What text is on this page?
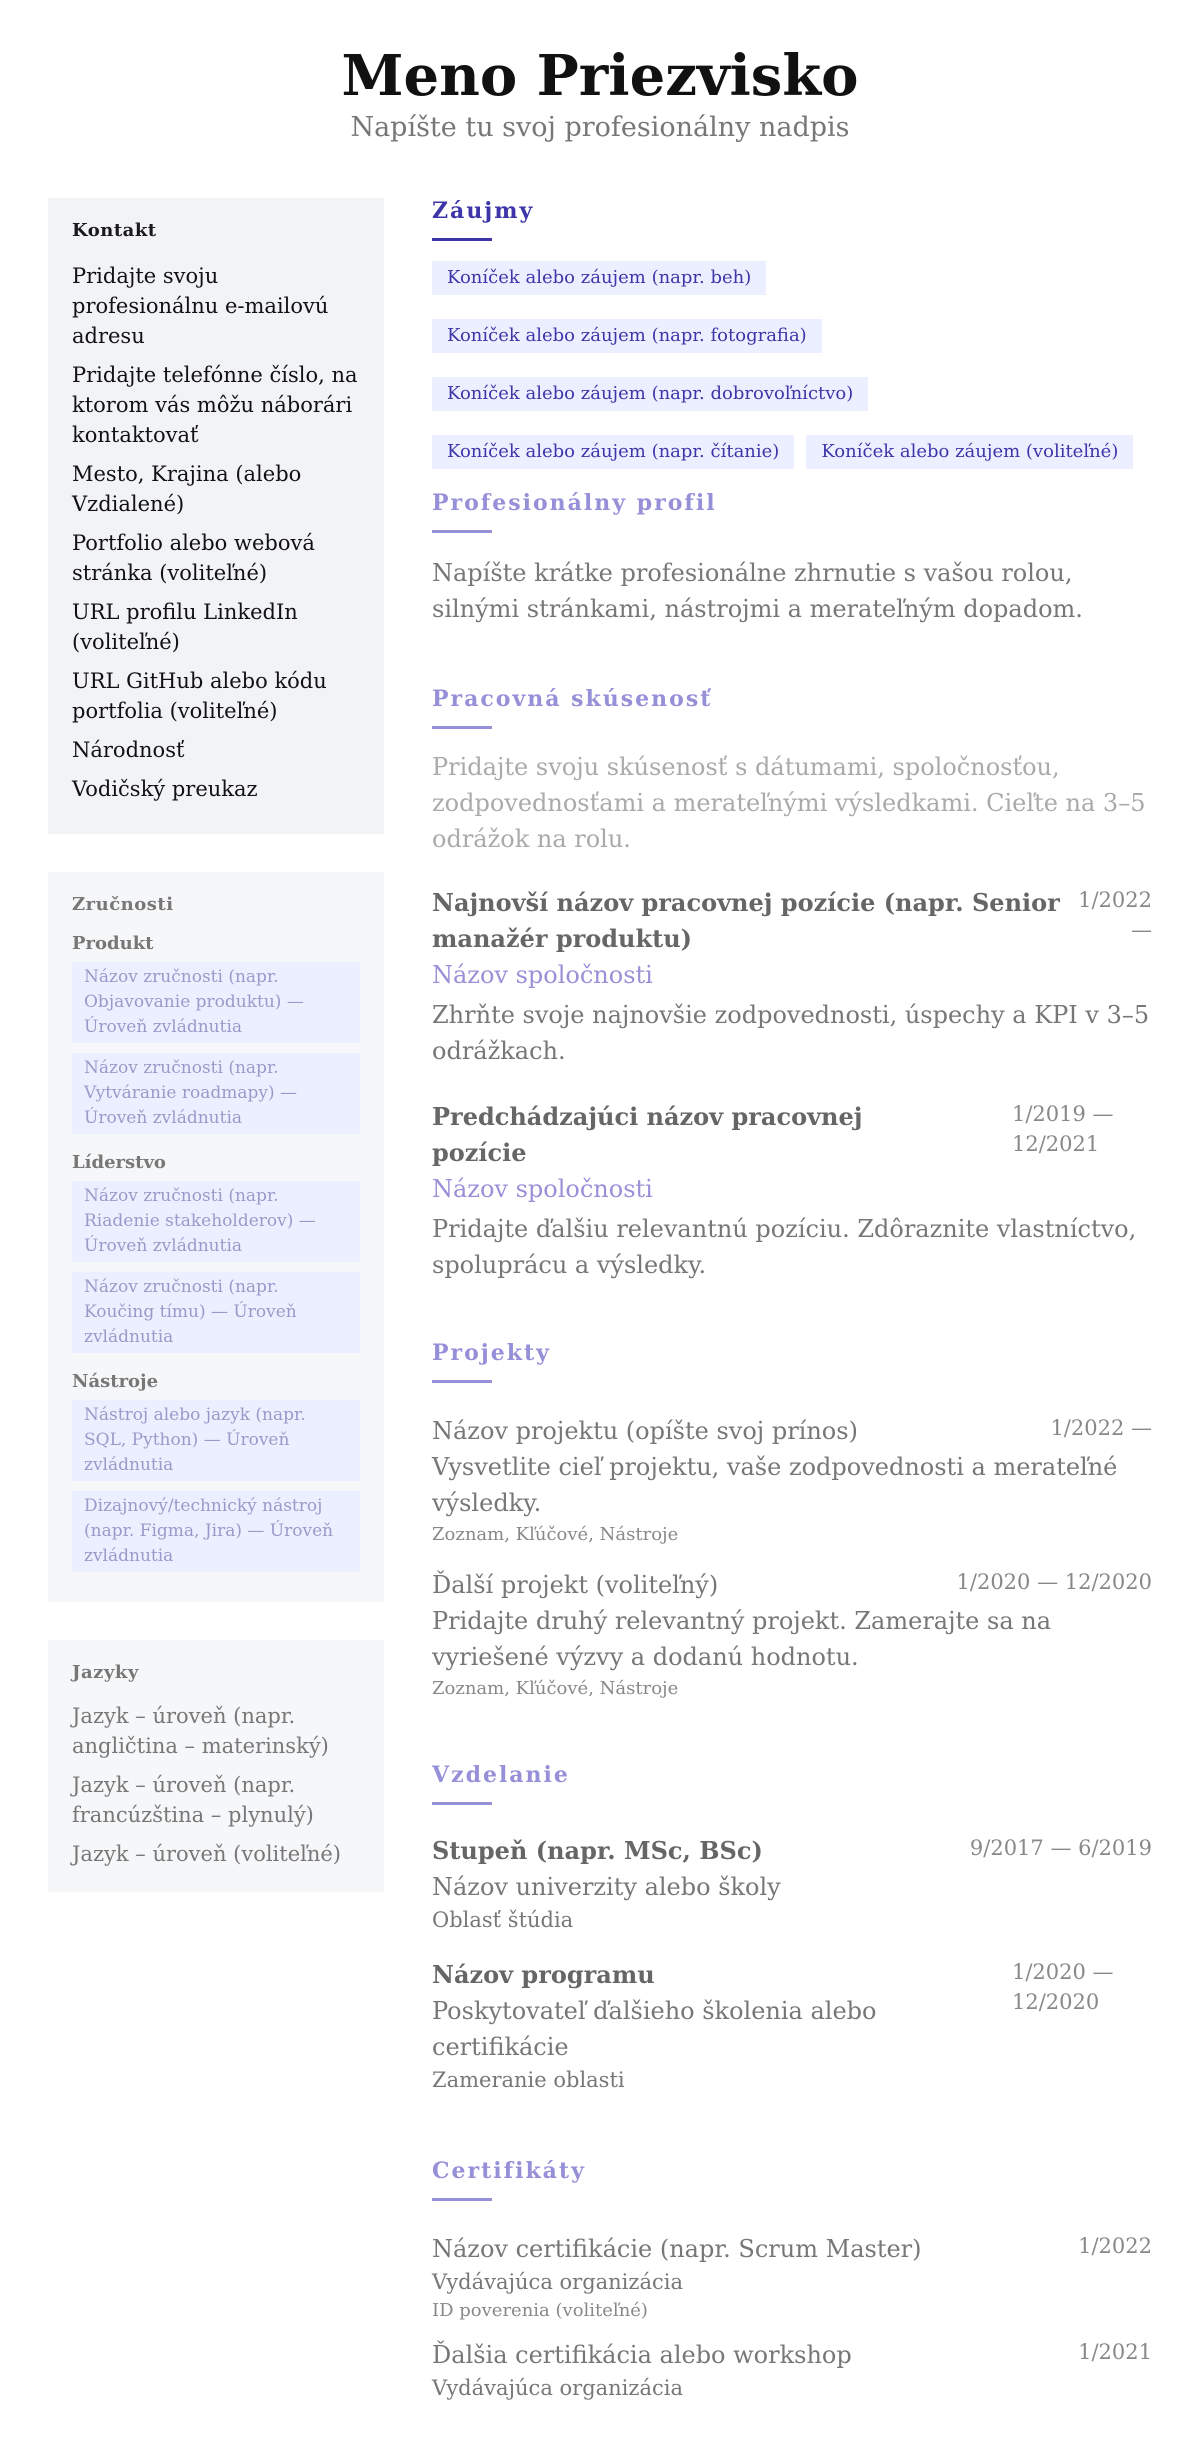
Meno Priezvisko
Napíšte tu svoj profesionálny nadpis
Kontakt
Pridajte svoju profesionálnu e-mailovú adresu
Pridajte telefónne číslo, na ktorom vás môžu náborári kontaktovať
Mesto, Krajina (alebo Vzdialené)
Portfolio alebo webová stránka (voliteľné)
URL profilu LinkedIn (voliteľné)
URL GitHub alebo kódu portfolia (voliteľné)
Národnosť
Vodičský preukaz
Zručnosti
Produkt
Názov zručnosti (napr. Objavovanie produktu) — Úroveň zvládnutia
Názov zručnosti (napr. Vytváranie roadmapy) — Úroveň zvládnutia
Líderstvo
Názov zručnosti (napr. Riadenie stakeholderov) — Úroveň zvládnutia
Názov zručnosti (napr. Koučing tímu) — Úroveň zvládnutia
Nástroje
Nástroj alebo jazyk (napr. SQL, Python) — Úroveň zvládnutia
Dizajnový/technický nástroj (napr. Figma, Jira) — Úroveň zvládnutia
Jazyky
Jazyk – úroveň (napr. angličtina – materinský)
Jazyk – úroveň (napr. francúzština – plynulý)
Jazyk – úroveň (voliteľné)
Záujmy
Koníček alebo záujem (napr. beh)
Koníček alebo záujem (napr. fotografia)
Koníček alebo záujem (napr. dobrovoľníctvo)
Koníček alebo záujem (napr. čítanie)	Koníček alebo záujem (voliteľné)
Profesionálny profil
Napíšte krátke profesionálne zhrnutie s vašou rolou, silnými stránkami, nástrojmi a merateľným dopadom.
Pracovná skúsenosť
Pridajte svoju skúsenosť s dátumami, spoločnosťou, zodpovednosťami a merateľnými výsledkami. Cieľte na 3–5 odrážok na rolu.
Najnovší názov pracovnej pozície (napr. Senior manažér produktu)
Názov spoločnosti
1/2022 —
Zhrňte svoje najnovšie zodpovednosti, úspechy a KPI v 3–5 odrážkach.
Predchádzajúci názov pracovnej pozície
1/2019 — 12/2021
Názov spoločnosti
Pridajte ďalšiu relevantnú pozíciu. Zdôraznite vlastníctvo, spoluprácu a výsledky.
Projekty
Názov projektu (opíšte svoj prínos)	1/2022 —
Vysvetlite cieľ projektu, vaše zodpovednosti a merateľné výsledky.
Zoznam, Kľúčové, Nástroje
Ďalší projekt (voliteľný)	1/2020 — 12/2020
Pridajte druhý relevantný projekt. Zamerajte sa na vyriešené výzvy a dodanú hodnotu.
Zoznam, Kľúčové, Nástroje
Vzdelanie
Stupeň (napr. MSc, BSc)
Názov univerzity alebo školy
Oblasť štúdia
9/2017 — 6/2019
Názov programu
Poskytovateľ ďalšieho školenia alebo certifikácie
Zameranie oblasti
1/2020 — 12/2020
Certifikáty
Názov certifikácie (napr. Scrum Master)
Vydávajúca organizácia
ID poverenia (voliteľné)
1/2022
Ďalšia certifikácia alebo workshop
Vydávajúca organizácia
1/2021
